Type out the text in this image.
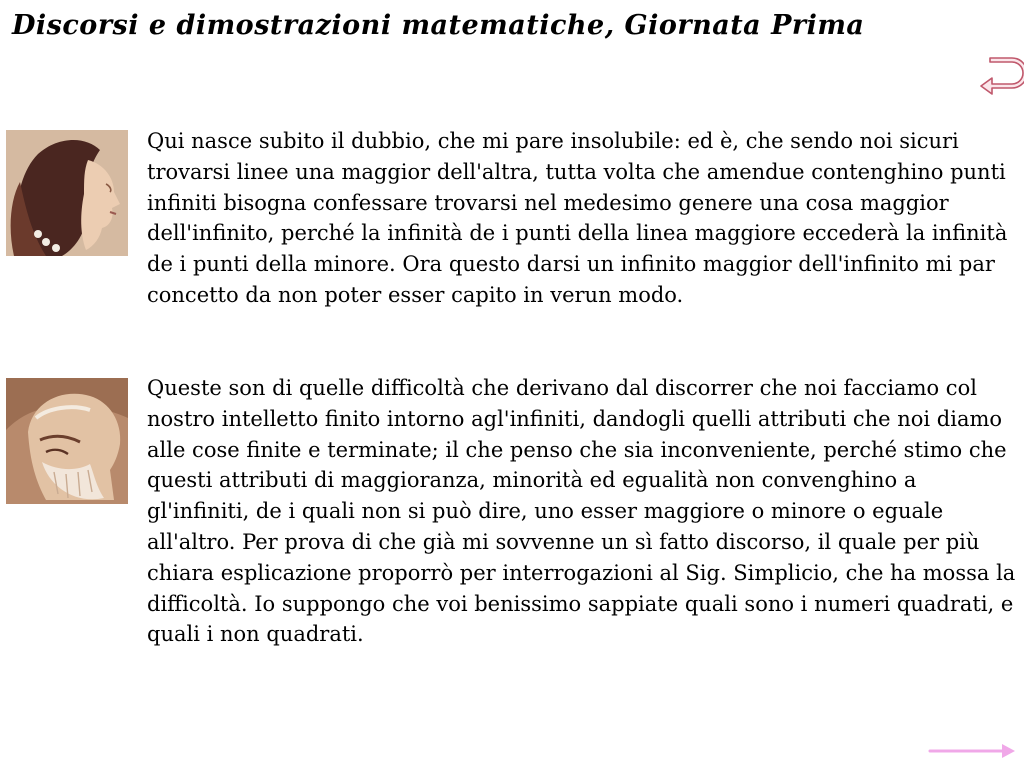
Discorsi e dimostrazioni matematiche, Giornata Prima

Qui nasce subito il dubbio, che mi pare insolubile: ed è, che sendo noi sicuri trovarsi linee una maggior dell'altra, tutta volta che amendue contenghino punti infiniti bisogna confessare trovarsi nel medesimo genere una cosa maggior dell'infinito, perché la infinità de i punti della linea maggiore eccederà la infinità de i punti della minore. Ora questo darsi un infinito maggior dell'infinito mi par concetto da non poter esser capito in verun modo.

Queste son di quelle difficoltà che derivano dal discorrer che noi facciamo col nostro intelletto finito intorno agl'infiniti, dandogli quelli attributi che noi diamo alle cose finite e terminate; il che penso che sia inconveniente, perché stimo che questi attributi di maggioranza, minorità ed egualità non convenghino a gl'infiniti, de i quali non si può dire, uno esser maggiore o minore o eguale all'altro. Per prova di che già mi sovvenne un sì fatto discorso, il quale per più chiara esplicazione proporrò per interrogazioni al Sig. Simplicio, che ha mossa la difficoltà. Io suppongo che voi benissimo sappiate quali sono i numeri quadrati, e quali i non quadrati.
